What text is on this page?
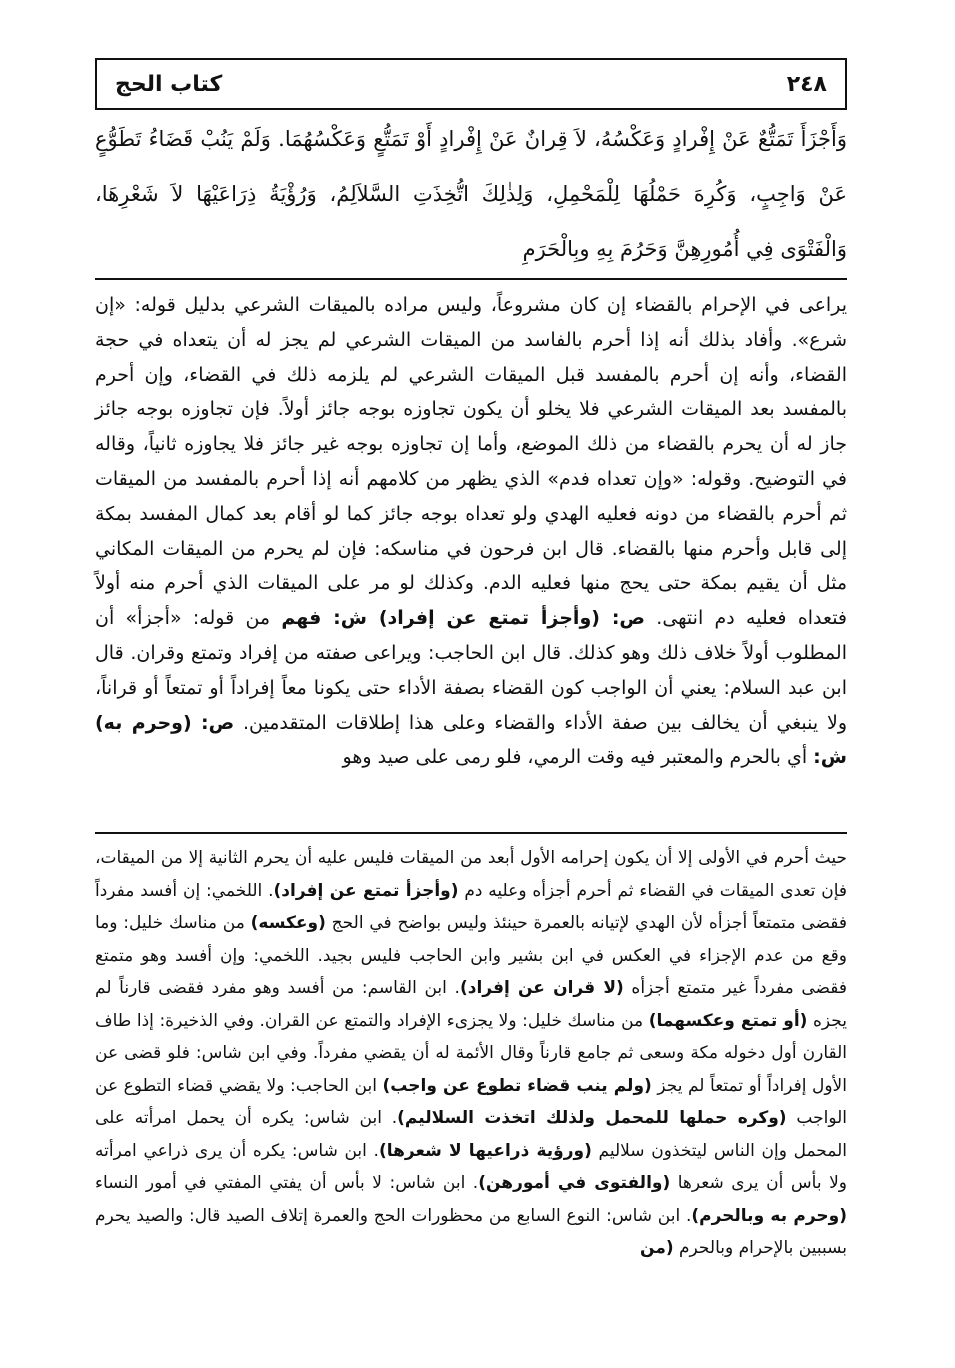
٢٤٨
كتاب الحج

وَأَجْزَأَ تَمَتُّعٌ عَنْ إِفْرادٍ وَعَكْسُهُ، لاَ قِرانٌ عَنْ إِفْرادٍ أَوْ تَمَتُّعٍ وَعَكْسُهُمَا. وَلَمْ يَنُبْ قَضَاءُ تَطَوُّعٍ عَنْ وَاجِبٍ، وَكُرِهَ حَمْلُهَا لِلْمَحْمِلِ، وَلِذٰلِكَ اتُّخِذَتِ السَّلاَلِمُ، وَرُؤْيَةُ ذِرَاعَيْهَا لاَ شَعْرِهَا، وَالْفَتْوَى فِي أُمُورِهِنَّ وَحَرُمَ بِهِ وبِالْحَرَمِ

يراعى في الإحرام بالقضاء إن كان مشروعاً، وليس مراده بالميقات الشرعي بدليل قوله: «إن شرع». وأفاد بذلك أنه إذا أحرم بالفاسد من الميقات الشرعي لم يجز له أن يتعداه في حجة القضاء، وأنه إن أحرم بالمفسد قبل الميقات الشرعي لم يلزمه ذلك في القضاء، وإن أحرم بالمفسد بعد الميقات الشرعي فلا يخلو أن يكون تجاوزه بوجه جائز أولاً. فإن تجاوزه بوجه جائز جاز له أن يحرم بالقضاء من ذلك الموضع، وأما إن تجاوزه بوجه غير جائز فلا يجاوزه ثانياً، وقاله في التوضيح. وقوله: «وإن تعداه فدم» الذي يظهر من كلامهم أنه إذا أحرم بالمفسد من الميقات ثم أحرم بالقضاء من دونه فعليه الهدي ولو تعداه بوجه جائز كما لو أقام بعد كمال المفسد بمكة إلى قابل وأحرم منها بالقضاء. قال ابن فرحون في مناسكه: فإن لم يحرم من الميقات المكاني مثل أن يقيم بمكة حتى يحج منها فعليه الدم. وكذلك لو مر على الميقات الذي أحرم منه أولاً فتعداه فعليه دم انتهى. ص: (وأجزأ تمتع عن إفراد) ش: فهم من قوله: «أجزأ» أن المطلوب أولاً خلاف ذلك وهو كذلك. قال ابن الحاجب: ويراعى صفته من إفراد وتمتع وقران. قال ابن عبد السلام: يعني أن الواجب كون القضاء بصفة الأداء حتى يكونا معاً إفراداً أو تمتعاً أو قراناً، ولا ينبغي أن يخالف بين صفة الأداء والقضاء وعلى هذا إطلاقات المتقدمين. ص: (وحرم به) ش: أي بالحرم والمعتبر فيه وقت الرمي، فلو رمى على صيد وهو

حيث أحرم في الأولى إلا أن يكون إحرامه الأول أبعد من الميقات فليس عليه أن يحرم الثانية إلا من الميقات، فإن تعدى الميقات في القضاء ثم أحرم أجزأه وعليه دم (وأجزأ تمتع عن إفراد). اللخمي: إن أفسد مفرداً فقضى متمتعاً أجزأه لأن الهدي لإتيانه بالعمرة حينئذ وليس بواضح في الحج (وعكسه) من مناسك خليل: وما وقع من عدم الإجزاء في العكس في ابن بشير وابن الحاجب فليس بجيد. اللخمي: وإن أفسد وهو متمتع فقضى مفرداً غير متمتع أجزأه (لا قران عن إفراد). ابن القاسم: من أفسد وهو مفرد فقضى قارناً لم يجزه (أو تمتع وعكسهما) من مناسك خليل: ولا يجزىء الإفراد والتمتع عن القران. وفي الذخيرة: إذا طاف القارن أول دخوله مكة وسعى ثم جامع قارناً وقال الأئمة له أن يقضي مفرداً. وفي ابن شاس: فلو قضى عن الأول إفراداً أو تمتعاً لم يجز (ولم ينب قضاء تطوع عن واجب) ابن الحاجب: ولا يقضي قضاء التطوع عن الواجب (وكره حملها للمحمل ولذلك اتخذت السلاليم). ابن شاس: يكره أن يحمل امرأته على المحمل وإن الناس ليتخذون سلاليم (ورؤية ذراعيها لا شعرها). ابن شاس: يكره أن يرى ذراعي امرأته ولا بأس أن يرى شعرها (والفتوى في أمورهن). ابن شاس: لا بأس أن يفتي المفتي في أمور النساء (وحرم به وبالحرم). ابن شاس: النوع السابع من محظورات الحج والعمرة إتلاف الصيد قال: والصيد يحرم بسببين بالإحرام وبالحرم (من
